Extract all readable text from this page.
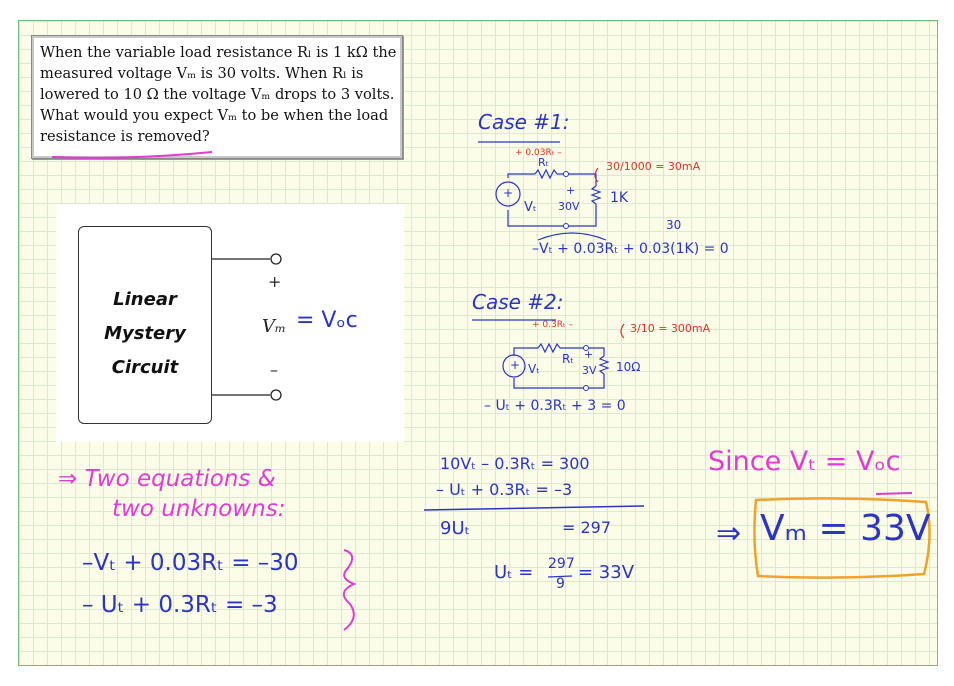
When the variable load resistance Rₗ is 1 kΩ the
measured voltage Vₘ is 30 volts. When Rₗ is
lowered to 10 Ω the voltage Vₘ drops to 3 volts.
What would you expect Vₘ to be when the load
resistance is removed?
Linear
Mystery
Circuit
+
–
Vₘ = Vₒc
Case #1:
+ 0.03Rₜ –
Rₜ	30/1000 = 30mA
+
Vₜ
+
30V
1K
30
–Vₜ + 0.03Rₜ + 0.03(1K) = 0
Case #2:
+ 0.3Rₜ –	3/10 = 300mA
Rₜ
+ Vₜ
+
3V 10Ω
– Uₜ + 0.3Rₜ + 3 = 0
⇒ Two equations &
two unknowns:
–Vₜ + 0.03Rₜ = –30
– Uₜ + 0.3Rₜ = –3
10Vₜ – 0.3Rₜ = 300
– Uₜ + 0.3Rₜ = –3
9Uₜ	= 297
Uₜ = 297
9
= 33V
Since Vₜ = Vₒc
⇒ Vₘ = 33V
